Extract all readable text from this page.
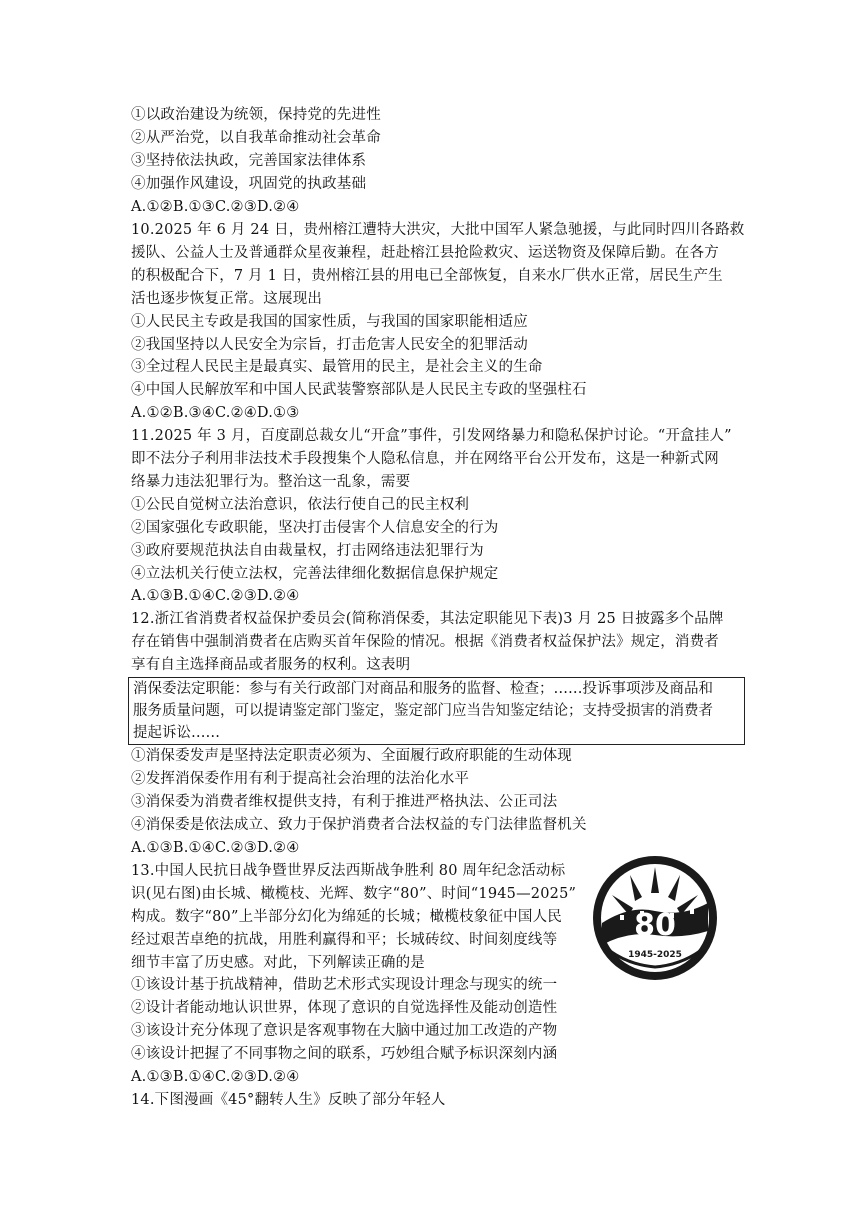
①以政治建设为统领，保持党的先进性
②从严治党，以自我革命推动社会革命
③坚持依法执政，完善国家法律体系
④加强作风建设，巩固党的执政基础
A.①②B.①③C.②③D.②④
10.2025 年 6 月 24 日，贵州榕江遭特大洪灾，大批中国军人紧急驰援，与此同时四川各路救
援队、公益人士及普通群众星夜兼程，赶赴榕江县抢险救灾、运送物资及保障后勤。在各方
的积极配合下，7 月 1 日，贵州榕江县的用电已全部恢复，自来水厂供水正常，居民生产生
活也逐步恢复正常。这展现出
①人民民主专政是我国的国家性质，与我国的国家职能相适应
②我国坚持以人民安全为宗旨，打击危害人民安全的犯罪活动
③全过程人民民主是最真实、最管用的民主，是社会主义的生命
④中国人民解放军和中国人民武装警察部队是人民民主专政的坚强柱石
A.①②B.③④C.②④D.①③
11.2025 年 3 月，百度副总裁女儿“开盒”事件，引发网络暴力和隐私保护讨论。“开盒挂人”
即不法分子利用非法技术手段搜集个人隐私信息，并在网络平台公开发布，这是一种新式网
络暴力违法犯罪行为。整治这一乱象，需要
①公民自觉树立法治意识，依法行使自己的民主权利
②国家强化专政职能，坚决打击侵害个人信息安全的行为
③政府要规范执法自由裁量权，打击网络违法犯罪行为
④立法机关行使立法权，完善法律细化数据信息保护规定
A.①③B.①④C.②③D.②④
12.浙江省消费者权益保护委员会(简称消保委，其法定职能见下表)3 月 25 日披露多个品牌
存在销售中强制消费者在店购买首年保险的情况。根据《消费者权益保护法》规定，消费者
享有自主选择商品或者服务的权利。这表明
消保委法定职能：参与有关行政部门对商品和服务的监督、检查；……投诉事项涉及商品和
服务质量问题，可以提请鉴定部门鉴定，鉴定部门应当告知鉴定结论；支持受损害的消费者
提起诉讼……
①消保委发声是坚持法定职责必须为、全面履行政府职能的生动体现
②发挥消保委作用有利于提高社会治理的法治化水平
③消保委为消费者维权提供支持，有利于推进严格执法、公正司法
④消保委是依法成立、致力于保护消费者合法权益的专门法律监督机关
A.①③B.①④C.②③D.②④
13.中国人民抗日战争暨世界反法西斯战争胜利 80 周年纪念活动标
识(见右图)由长城、橄榄枝、光辉、数字“80”、时间“1945—2025”
构成。数字“80”上半部分幻化为绵延的长城；橄榄枝象征中国人民
经过艰苦卓绝的抗战，用胜利赢得和平；长城砖纹、时间刻度线等
细节丰富了历史感。对此，下列解读正确的是
①该设计基于抗战精神，借助艺术形式实现设计理念与现实的统一
②设计者能动地认识世界，体现了意识的自觉选择性及能动创造性
③该设计充分体现了意识是客观事物在大脑中通过加工改造的产物
④该设计把握了不同事物之间的联系，巧妙组合赋予标识深刻内涵
A.①③B.①④C.②③D.②④
14.下图漫画《45°翻转人生》反映了部分年轻人
80
1945-2025
